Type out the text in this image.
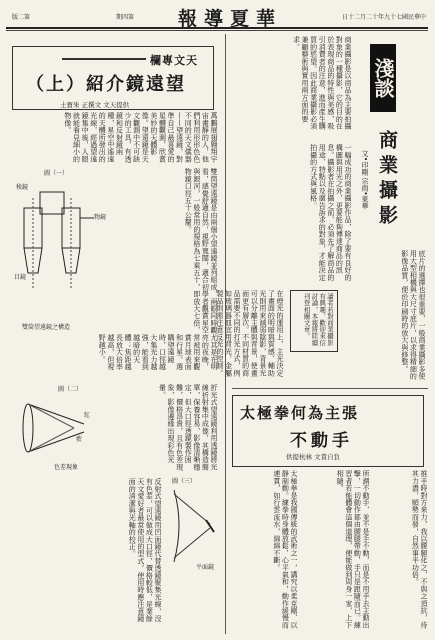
版二第	期四第 報導夏華	日十二月二十年九十七國民華中
欄專文天
（上）紹介鏡遠望
土寶朱 正撰文 文天提供
萬鵬展翅翱翔宇宙畫靜的人，他們利用形形色色不同的天文儀器——望遠鏡，對準自己最喜愛的星體觀測，欣賞美妙的天體影像。望遠鏡是天文觀測中不可缺少的工具，有透鏡和反射鏡兩種，星空中遙遠的天體所發出的光線，經過望遠鏡集中後，人眼就能看見細小的物像。
雙筒望遠鏡是由兩個小望遠鏡並列組成，兩眼同時觀看，感覺舒適自然，視野寬闊，適合初學者觀賞星空與銀河，一般常用的規格為七乘五十，即放大七倍，物鏡口徑五十公釐。
圖（一）
物鏡
稜鏡
目鏡
雙筒望遠鏡之構造
尤其是在明亮的夜晚，常被用來觀賞月球表面和行星。選購望遠鏡時，口徑越大集光力越強，能看到越暗的天體；焦距越長放大倍率越高，但視野越小。
圖（二）
紅
藍
色差現象	折光式望遠鏡利用透鏡將光線折射集中成像，其構造簡單，保養容易，影像清晰穩定，但大口徑透鏡製作困難，價格昂貴，且有色差現象，影像邊緣出現彩色光暈。
圖（三）
平面鏡
反射式望遠鏡用凹面鏡代替透鏡聚集光線，沒有色差，可以做成大口徑，價格較低，是業餘天文愛好者最常使用的型式。使用時應注意鏡面的清潔與光軸的校正。
淺談
商業攝影
文•印剛 宗雨•東華
商業攝影是以商品為主要拍攝對象的一種攝影，它的目的在於表現商品的特性與美感，吸引消費者的注意，進而產生購買的慾望。因此商業攝影必須兼顧藝術與實用兩方面的要求。
一幅成功的商業攝影作品，除了要有良好的構圖與用光之外，更要能夠傳達商品的訊息。攝影者在拍攝之前，必須先了解商品的用途、特點以及廣告訴求的對象，才能決定拍攝的方式與風格。
在燈光的運用上，主光決定了畫面的明暗與質感，輔助光則用來減弱陰影，背景光可以分離主體與背景，使畫面更有層次。不同材質的商品需要不同的打光方式，例如玻璃器皿宜用背光，金屬製品則需注意反光的控制。	底片的選擇也很重要，一般商業攝影多使用大型相機與大尺寸底片，以求得精細的影像品質，便於印刷時的放大與修整。
讀者若對商業攝影有興趣，歡迎來信討論，本報將陸續刊登相關文章。
太極拳何為主張
不動手
供提杭林 文責自負
太極拳是我國傳統的武術之一，講究以柔克剛、以靜制動。練拳時身體放鬆，心平氣和，動作緩慢而連貫，如行雲流水，綿綿不斷。	所謂不動手，並不是手不動，而是不用手去主動出擊，一切動作都由腰腿帶動，手只是跟隨而已。練習者若能體會這個道理，便能做到周身一家，上下相隨。	推手時對方來力，我以腰腿化之，不與之頂抗，待其力盡，順勢而發，自然事半功倍。
